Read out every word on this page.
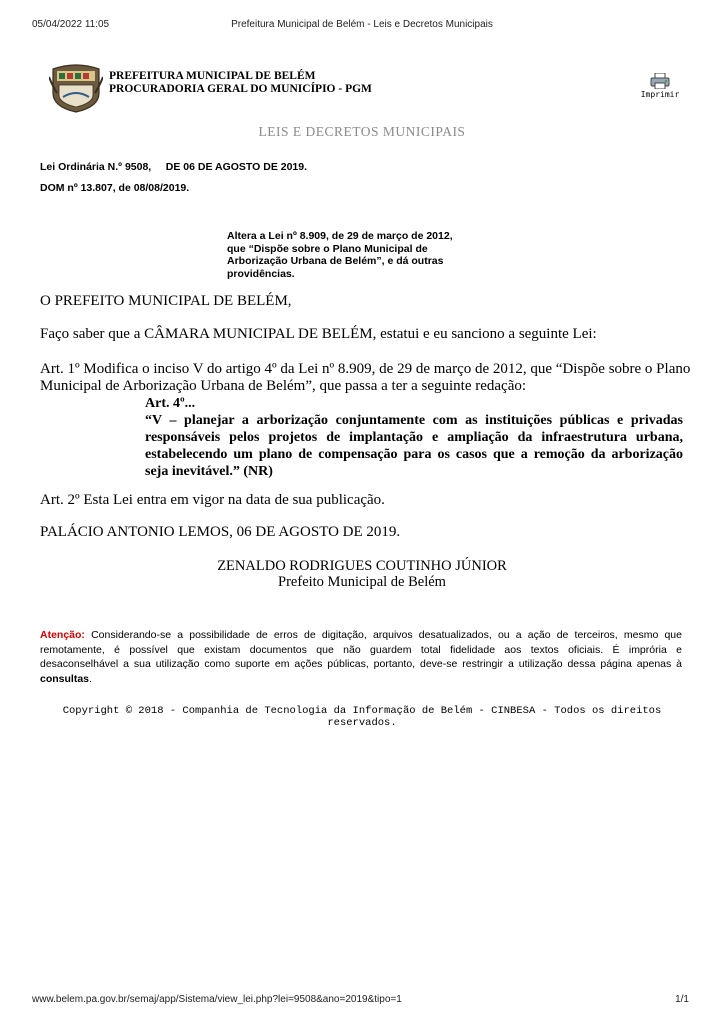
05/04/2022 11:05	Prefeitura Municipal de Belém - Leis e Decretos Municipais
PREFEITURA MUNICIPAL DE BELÉM
PROCURADORIA GERAL DO MUNICÍPIO - PGM	Imprimir
LEIS E DECRETOS MUNICIPAIS
Lei Ordinária N.º 9508,     DE 06 DE AGOSTO DE 2019.
DOM nº 13.807, de 08/08/2019.
Altera a Lei nº 8.909, de 29 de março de 2012,
que “Dispõe sobre o Plano Municipal de
Arborização Urbana de Belém”, e dá outras
providências.
O PREFEITO MUNICIPAL DE BELÉM,
Faço saber que a CÂMARA MUNICIPAL DE BELÉM, estatui e eu sanciono a seguinte Lei:
Art. 1º Modifica o inciso V do artigo 4º da Lei nº 8.909, de 29 de março de 2012, que “Dispõe sobre o Plano
Municipal de Arborização Urbana de Belém”, que passa a ter a seguinte redação:
Art. 4º...
“V – planejar a arborização conjuntamente com as instituições públicas e privadas
responsáveis pelos projetos de implantação e ampliação da infraestrutura urbana,
estabelecendo um plano de compensação para os casos que a remoção da arborização
seja inevitável.” (NR)
Art. 2º Esta Lei entra em vigor na data de sua publicação.
PALÁCIO ANTONIO LEMOS, 06 DE AGOSTO DE 2019.
ZENALDO RODRIGUES COUTINHO JÚNIOR
Prefeito Municipal de Belém
Atenção: Considerando-se a possibilidade de erros de digitação, arquivos desatualizados, ou a ação de terceiros, mesmo que
remotamente, é possível que existam documentos que não guardem total fidelidade aos textos oficiais. É imprória e
desaconselhável a sua utilização como suporte em ações públicas, portanto, deve-se restringir a utilização dessa página apenas à
consultas.
Copyright © 2018 - Companhia de Tecnologia da Informação de Belém - CINBESA - Todos os direitos
reservados.
www.belem.pa.gov.br/semaj/app/Sistema/view_lei.php?lei=9508&ano=2019&tipo=1	1/1
